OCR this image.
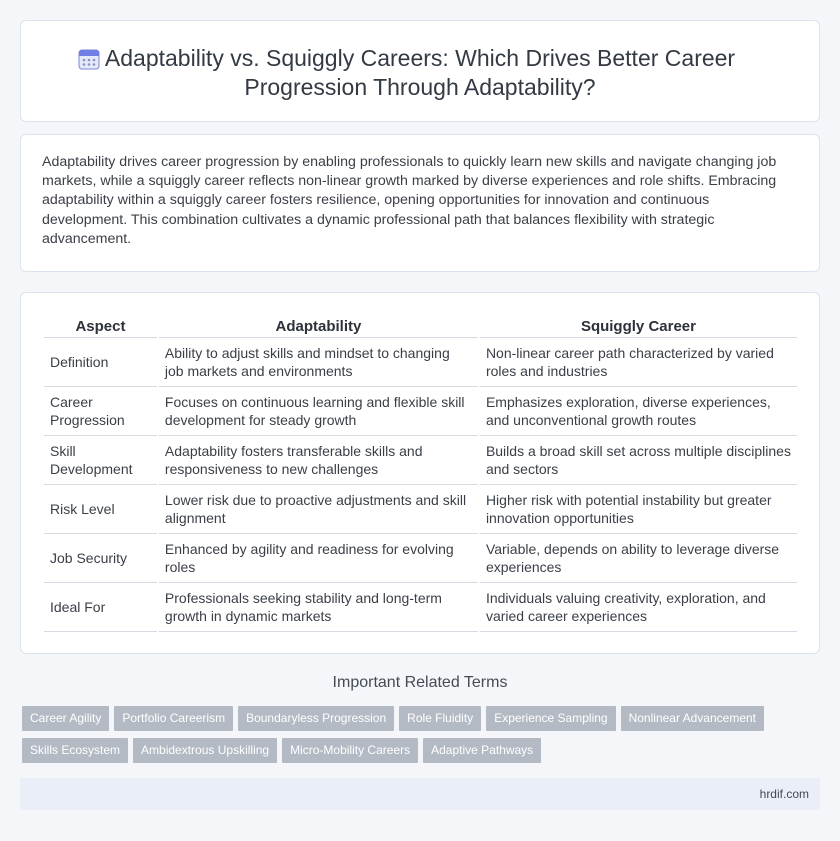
Adaptability vs. Squiggly Careers: Which Drives Better Career
Progression Through Adaptability?

Adaptability drives career progression by enabling professionals to quickly learn new skills and navigate changing job markets, while a squiggly career reflects non-linear growth marked by diverse experiences and role shifts. Embracing adaptability within a squiggly career fosters resilience, opening opportunities for innovation and continuous development. This combination cultivates a dynamic professional path that balances flexibility with strategic advancement.

Aspect	Adaptability	Squiggly Career
Definition	Ability to adjust skills and mindset to changing job markets and environments	Non-linear career path characterized by varied roles and industries
Career Progression	Focuses on continuous learning and flexible skill development for steady growth	Emphasizes exploration, diverse experiences, and unconventional growth routes
Skill Development	Adaptability fosters transferable skills and responsiveness to new challenges	Builds a broad skill set across multiple disciplines and sectors
Risk Level	Lower risk due to proactive adjustments and skill alignment	Higher risk with potential instability but greater innovation opportunities
Job Security	Enhanced by agility and readiness for evolving roles	Variable, depends on ability to leverage diverse experiences
Ideal For	Professionals seeking stability and long-term growth in dynamic markets	Individuals valuing creativity, exploration, and varied career experiences
Important Related Terms
Career Agility Portfolio Careerism Boundaryless Progression Role Fluidity Experience Sampling Nonlinear AdvancementSkills Ecosystem Ambidextrous Upskilling Micro-Mobility Careers Adaptive Pathways
hrdif.com
